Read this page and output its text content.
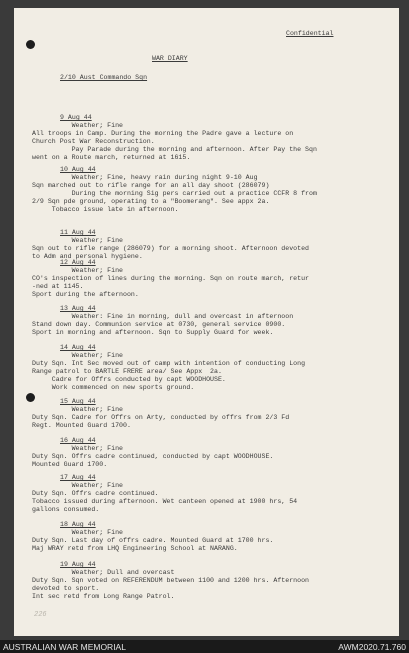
Confidential
WAR DIARY
2/10 Aust Commando Sqn
9 Aug 44
Weather; Fine
All troops in Camp. During the morning the Padre gave a lecture on
Church Post War Reconstruction.
Pay Parade during the morning and afternoon. After Pay the Sqn
went on a Route march, returned at 1615.
10 Aug 44
Weather; Fine, heavy rain during night 9-10 Aug
Sqn marched out to rifle range for an all day shoot (286079)
During the morning Sig pers carried out a practice CCFR 8 from
2/9 Sqn pde ground, operating to a "Boomerang". See appx 2a.
Tobacco issue late in afternoon.
11 Aug 44
Weather; Fine
Sqn out to rifle range (286079) for a morning shoot. Afternoon devoted
to Adm and personal hygiene.
12 Aug 44
Weather; Fine
CO's inspection of lines during the morning. Sqn on route march, retur
-ned at 1145.
Sport during the afternoon.
13 Aug 44
Weather: Fine in morning, dull and overcast in afternoon
Stand down day. Communion service at 0730, general service 0900.
Sport in morning and afternoon. Sqn to Supply Guard for week.
14 Aug 44
Weather; Fine
Duty Sqn. Int Sec moved out of camp with intention of conducting Long
Range patrol to BARTLE FRERE area/ See Appx  2a.
Cadre for Offrs conducted by capt WOODHOUSE.
Work commenced on new sports ground.
15 Aug 44
Weather; Fine
Duty Sqn. Cadre for Offrs on Arty, conducted by offrs from 2/3 Fd
Regt. Mounted Guard 1700.
16 Aug 44
Weather; Fine
Duty Sqn. Offrs cadre continued, conducted by capt WOODHOUSE.
Mounted Guard 1700.
17 Aug 44
Weather; Fine
Duty Sqn. Offrs cadre continued.
Tobacco issued during afternoon. Wet canteen opened at 1900 hrs, 54
gallons consumed.
18 Aug 44
Weather; Fine
Duty Sqn. Last day of offrs cadre. Mounted Guard at 1700 hrs.
Maj WRAY retd from LHQ Engineering School at NARANG.
19 Aug 44
Weather; Dull and overcast
Duty Sqn. Sqn voted on REFERENDUM between 1100 and 1200 hrs. Afternoon
devoted to sport.
Int sec retd from Long Range Patrol.
226
AUSTRALIAN WAR MEMORIAL	AWM2020.71.760
